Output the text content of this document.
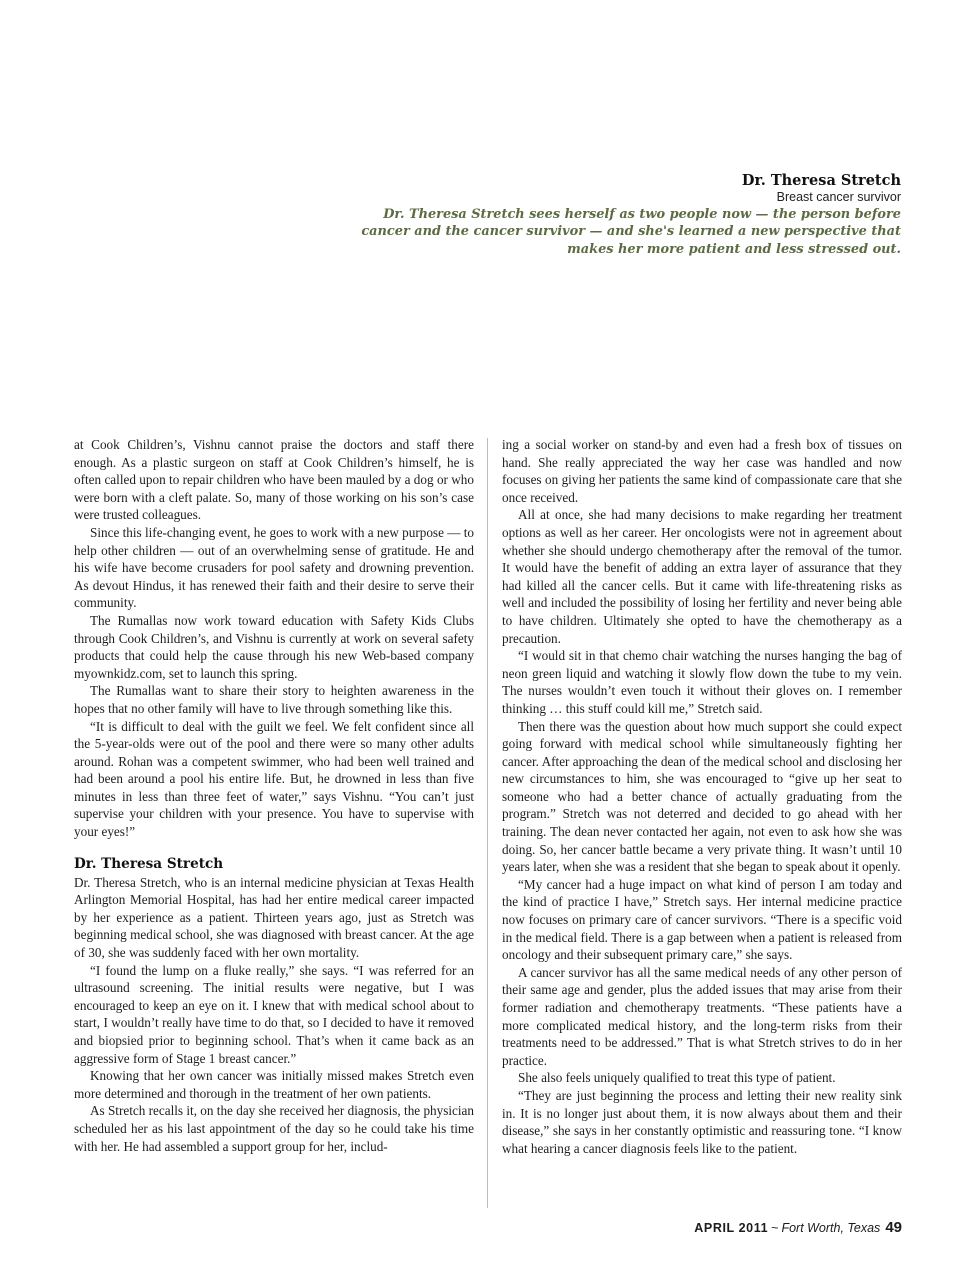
Dr. Theresa Stretch
Breast cancer survivor
Dr. Theresa Stretch sees herself as two people now — the person before
cancer and the cancer survivor — and she's learned a new perspective that
makes her more patient and less stressed out.

at Cook Children’s, Vishnu cannot praise the doctors and staff there enough. As a plastic surgeon on staff at Cook Children’s himself, he is often called upon to repair children who have been mauled by a dog or who were born with a cleft palate. So, many of those working on his son’s case were trusted colleagues.

Since this life-changing event, he goes to work with a new purpose — to help other children — out of an overwhelming sense of gratitude. He and his wife have become crusaders for pool safety and drowning prevention. As devout Hindus, it has renewed their faith and their desire to serve their community.

The Rumallas now work toward education with Safety Kids Clubs through Cook Children’s, and Vishnu is currently at work on several safety products that could help the cause through his new Web-based company myownkidz.com, set to launch this spring.

The Rumallas want to share their story to heighten awareness in the hopes that no other family will have to live through something like this.

“It is difficult to deal with the guilt we feel. We felt confident since all the 5-year-olds were out of the pool and there were so many other adults around. Rohan was a competent swimmer, who had been well trained and had been around a pool his entire life. But, he drowned in less than five minutes in less than three feet of water,” says Vishnu. “You can’t just supervise your children with your presence. You have to supervise with your eyes!”

Dr. Theresa Stretch

Dr. Theresa Stretch, who is an internal medicine physician at Texas Health Arlington Memorial Hospital, has had her entire medical career impacted by her experience as a patient. Thirteen years ago, just as Stretch was beginning medical school, she was diagnosed with breast cancer. At the age of 30, she was suddenly faced with her own mortality.

“I found the lump on a fluke really,” she says. “I was referred for an ultrasound screening. The initial results were negative, but I was encouraged to keep an eye on it. I knew that with medical school about to start, I wouldn’t really have time to do that, so I decided to have it removed and biopsied prior to beginning school. That’s when it came back as an aggressive form of Stage 1 breast cancer.”

Knowing that her own cancer was initially missed makes Stretch even more determined and thorough in the treatment of her own patients.

As Stretch recalls it, on the day she received her diagnosis, the physician scheduled her as his last appointment of the day so he could take his time with her. He had assembled a support group for her, includ-

ing a social worker on stand-by and even had a fresh box of tissues on hand. She really appreciated the way her case was handled and now focuses on giving her patients the same kind of compassionate care that she once received.

All at once, she had many decisions to make regarding her treatment options as well as her career. Her oncologists were not in agreement about whether she should undergo chemotherapy after the removal of the tumor. It would have the benefit of adding an extra layer of assurance that they had killed all the cancer cells. But it came with life-threatening risks as well and included the possibility of losing her fertility and never being able to have children. Ultimately she opted to have the chemotherapy as a precaution.

“I would sit in that chemo chair watching the nurses hanging the bag of neon green liquid and watching it slowly flow down the tube to my vein. The nurses wouldn’t even touch it without their gloves on. I remember thinking … this stuff could kill me,” Stretch said.

Then there was the question about how much support she could expect going forward with medical school while simultaneously fighting her cancer. After approaching the dean of the medical school and disclosing her new circumstances to him, she was encouraged to “give up her seat to someone who had a better chance of actually graduating from the program.” Stretch was not deterred and decided to go ahead with her training. The dean never contacted her again, not even to ask how she was doing. So, her cancer battle became a very private thing. It wasn’t until 10 years later, when she was a resident that she began to speak about it openly.

“My cancer had a huge impact on what kind of person I am today and the kind of practice I have,” Stretch says. Her internal medicine practice now focuses on primary care of cancer survivors. “There is a specific void in the medical field. There is a gap between when a patient is released from oncology and their subsequent primary care,” she says.

A cancer survivor has all the same medical needs of any other person of their same age and gender, plus the added issues that may arise from their former radiation and chemotherapy treatments. “These patients have a more complicated medical history, and the long-term risks from their treatments need to be addressed.” That is what Stretch strives to do in her practice.

She also feels uniquely qualified to treat this type of patient.

“They are just beginning the process and letting their new reality sink in. It is no longer just about them, it is now always about them and their disease,” she says in her constantly optimistic and reassuring tone. “I know what hearing a cancer diagnosis feels like to the patient.

APRIL 2011 ~ Fort Worth, Texas 49
